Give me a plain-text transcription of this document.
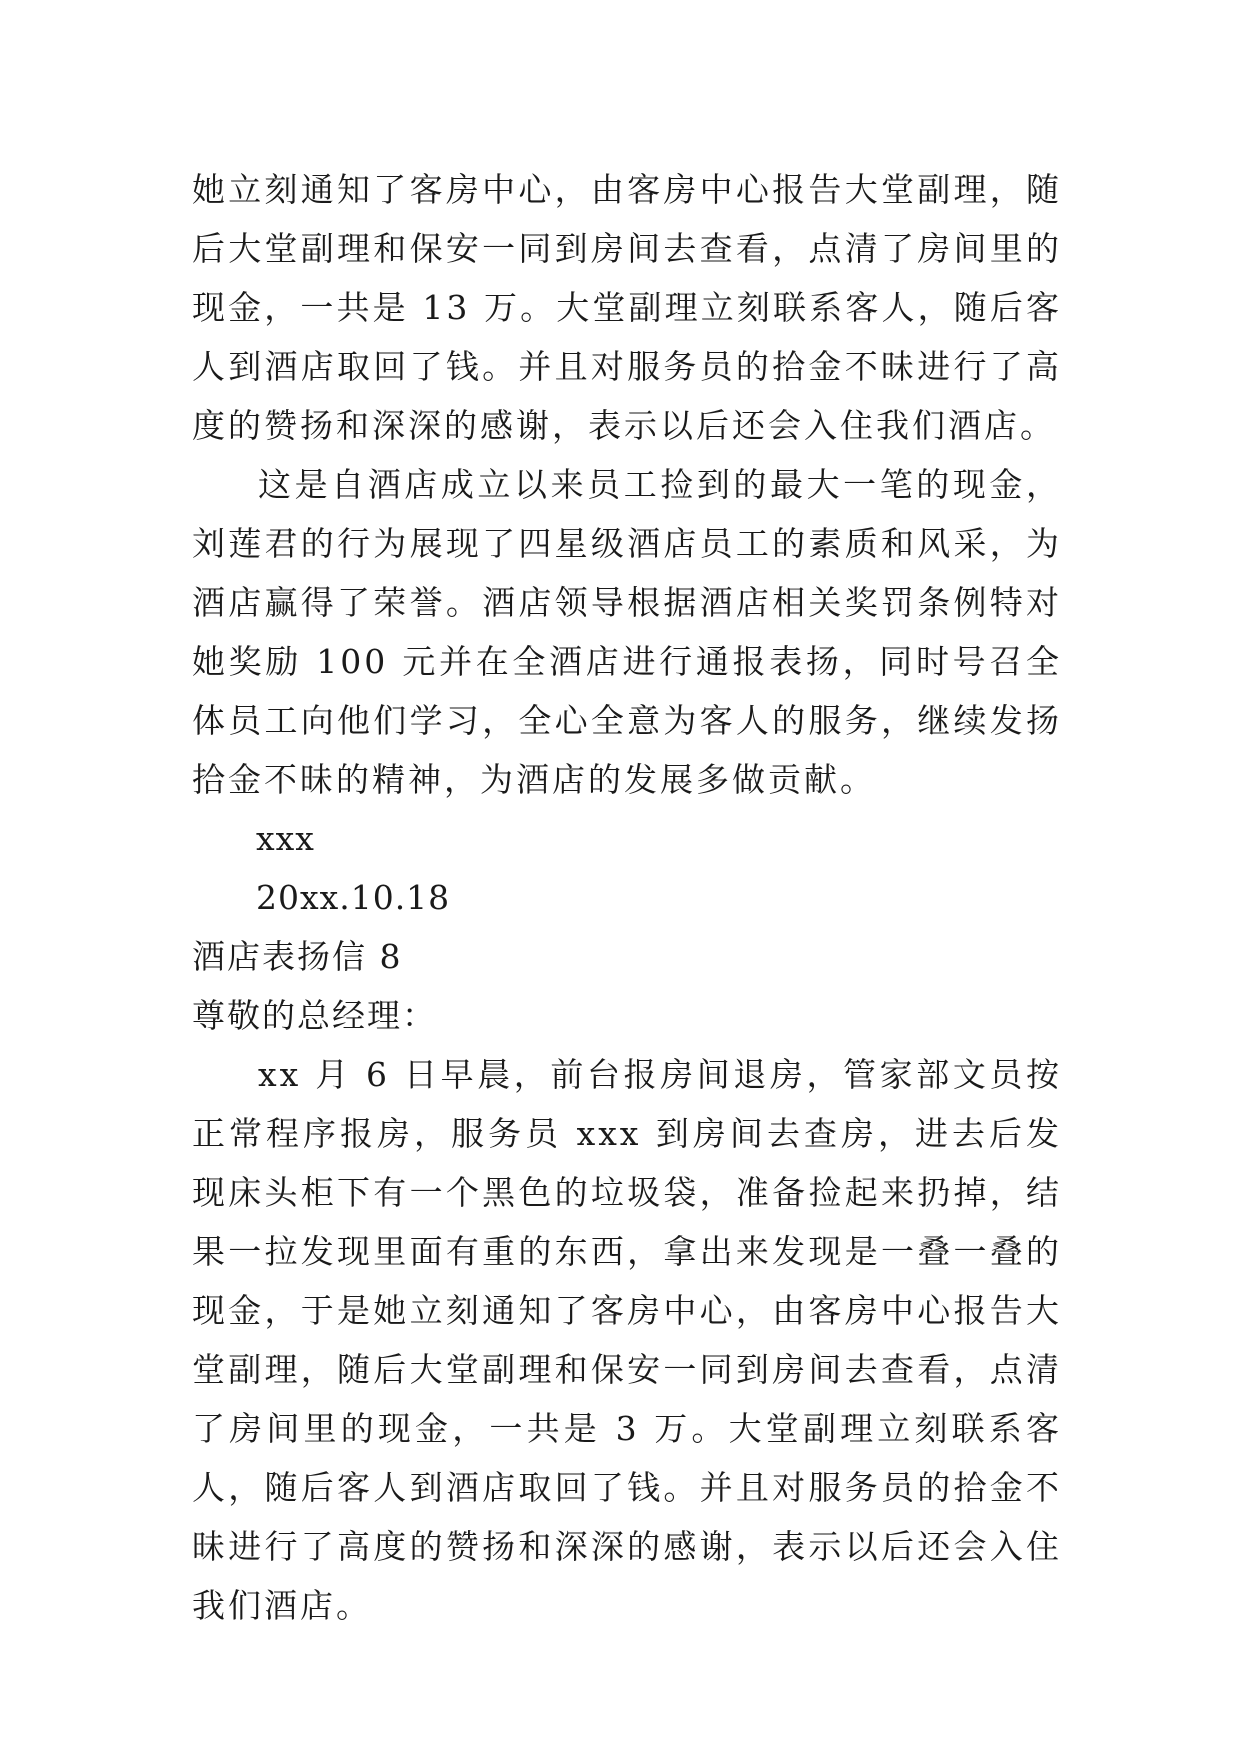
她立刻通知了客房中心，由客房中心报告大堂副理，随后大堂副理和保安一同到房间去查看，点清了房间里的现金，一共是 13 万。大堂副理立刻联系客人，随后客人到酒店取回了钱。并且对服务员的拾金不昧进行了高度的赞扬和深深的感谢，表示以后还会入住我们酒店。

这是自酒店成立以来员工捡到的最大一笔的现金，刘莲君的行为展现了四星级酒店员工的素质和风采，为酒店赢得了荣誉。酒店领导根据酒店相关奖罚条例特对她奖励 100 元并在全酒店进行通报表扬，同时号召全体员工向他们学习，全心全意为客人的服务，继续发扬拾金不昧的精神，为酒店的发展多做贡献。

xxx

20xx.10.18

酒店表扬信 8

尊敬的总经理：

xx 月 6 日早晨，前台报房间退房，管家部文员按正常程序报房，服务员 xxx 到房间去查房，进去后发现床头柜下有一个黑色的垃圾袋，准备捡起来扔掉，结果一拉发现里面有重的东西，拿出来发现是一叠一叠的现金，于是她立刻通知了客房中心，由客房中心报告大堂副理，随后大堂副理和保安一同到房间去查看，点清了房间里的现金，一共是 3 万。大堂副理立刻联系客人，随后客人到酒店取回了钱。并且对服务员的拾金不昧进行了高度的赞扬和深深的感谢，表示以后还会入住我们酒店。
